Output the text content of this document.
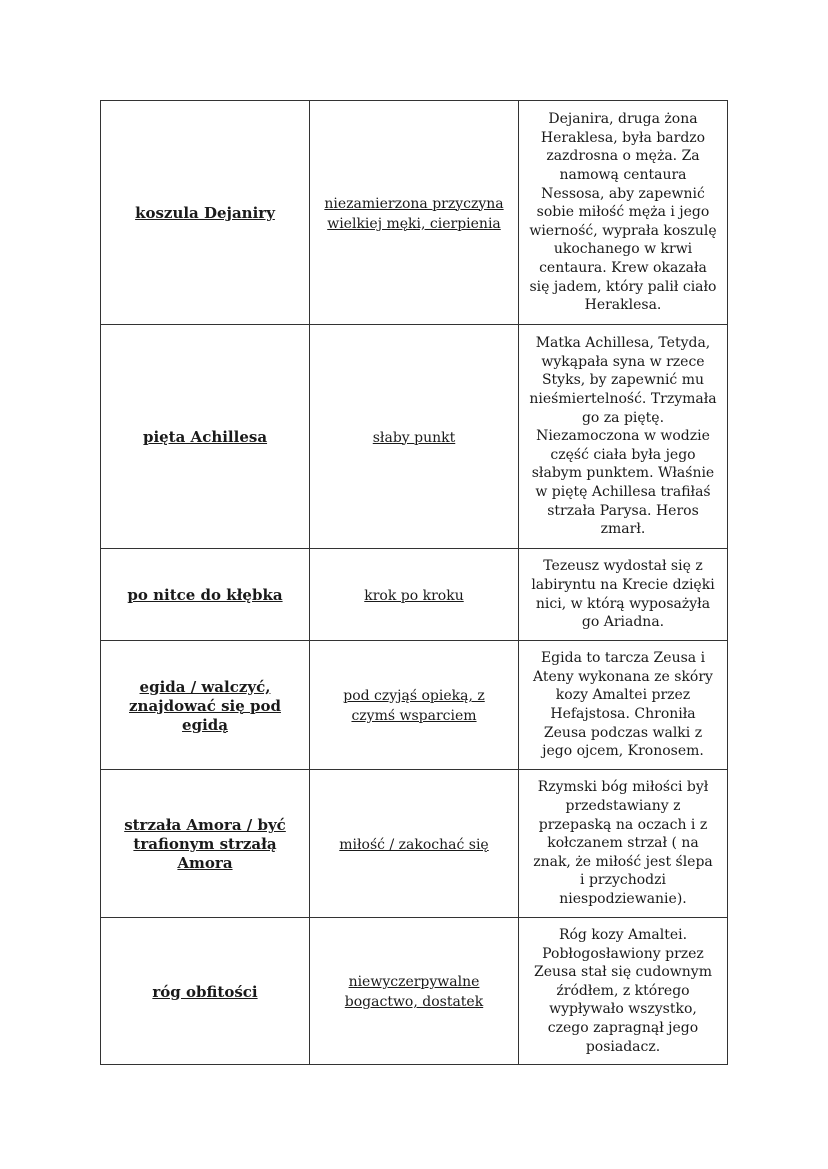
koszula Dejaniry	niezamierzona przyczyna wielkiej męki, cierpienia	Dejanira, druga żona Heraklesa, była bardzo zazdrosna o męża. Za namową centaura Nessosa, aby zapewnić sobie miłość męża i jego wierność, wyprała koszulę ukochanego w krwi centaura. Krew okazała się jadem, który palił ciało Heraklesa.
pięta Achillesa	słaby punkt	Matka Achillesa, Tetyda, wykąpała syna w rzece Styks, by zapewnić mu nieśmiertelność. Trzymała go za piętę. Niezamoczona w wodzie część ciała była jego słabym punktem. Właśnie w piętę Achillesa trafiłaś strzała Parysa. Heros zmarł.
po nitce do kłębka	krok po kroku	Tezeusz wydostał się z labiryntu na Krecie dzięki nici, w którą wyposażyła go Ariadna.
egida / walczyć, znajdować się pod egidą	pod czyjąś opieką, z czymś wsparciem	Egida to tarcza Zeusa i Ateny wykonana ze skóry kozy Amaltei przez Hefajstosa. Chroniła Zeusa podczas walki z jego ojcem, Kronosem.
strzała Amora / być trafionym strzałą Amora	miłość / zakochać się	Rzymski bóg miłości był przedstawiany z przepaską na oczach i z kołczanem strzał ( na znak, że miłość jest ślepa i przychodzi niespodziewanie).
róg obfitości	niewyczerpywalne bogactwo, dostatek	Róg kozy Amaltei. Pobłogosławiony przez Zeusa stał się cudownym źródłem, z którego wypływało wszystko, czego zapragnął jego posiadacz.
